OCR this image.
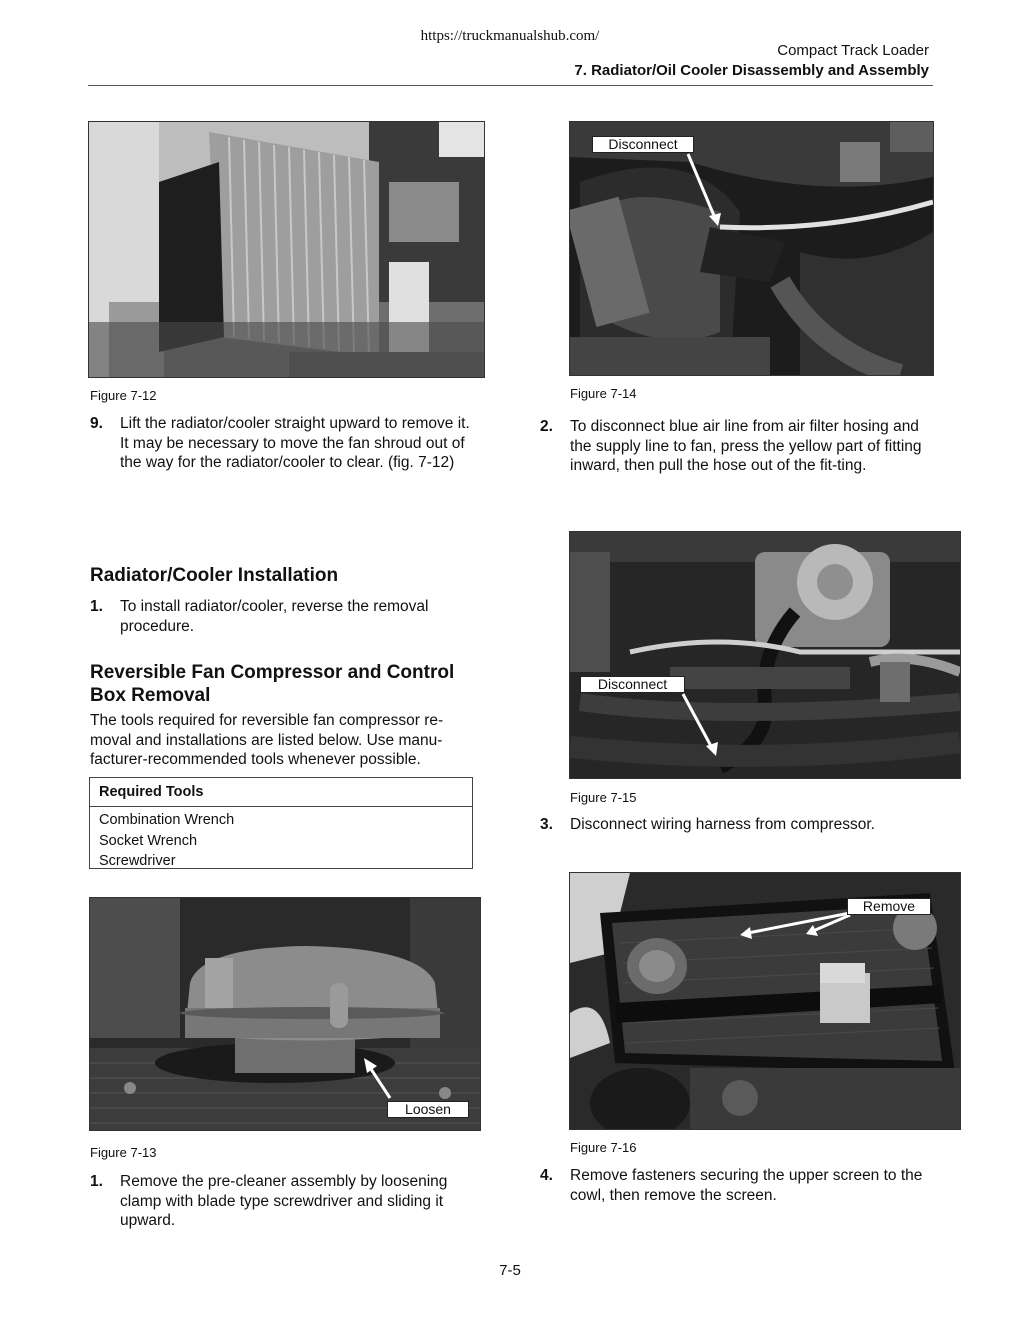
https://truckmanualshub.com/
Compact Track Loader
7. Radiator/Oil Cooler Disassembly and Assembly
Figure 7-12
9. Lift the radiator/cooler straight upward to remove it. It may be necessary to move the fan shroud out of the way for the radiator/cooler to clear. (fig. 7-12)
Radiator/Cooler Installation
1. To install radiator/cooler, reverse the removal procedure.
Reversible Fan Compressor and Control Box Removal
The tools required for reversible fan compressor re-moval and installations are listed below. Use manu-facturer-recommended tools whenever possible.
Required Tools
Combination Wrench
Socket Wrench
Screwdriver
Loosen
Figure 7-13
1. Remove the pre-cleaner assembly by loosening clamp with blade type screwdriver and sliding it upward.
Disconnect
Figure 7-14
2. To disconnect blue air line from air filter hosing and the supply line to fan, press the yellow part of fitting inward, then pull the hose out of the fit-ting.
Disconnect
Figure 7-15
3. Disconnect wiring harness from compressor.
Remove
Figure 7-16
4. Remove fasteners securing the upper screen to the cowl, then remove the screen.
7-5
